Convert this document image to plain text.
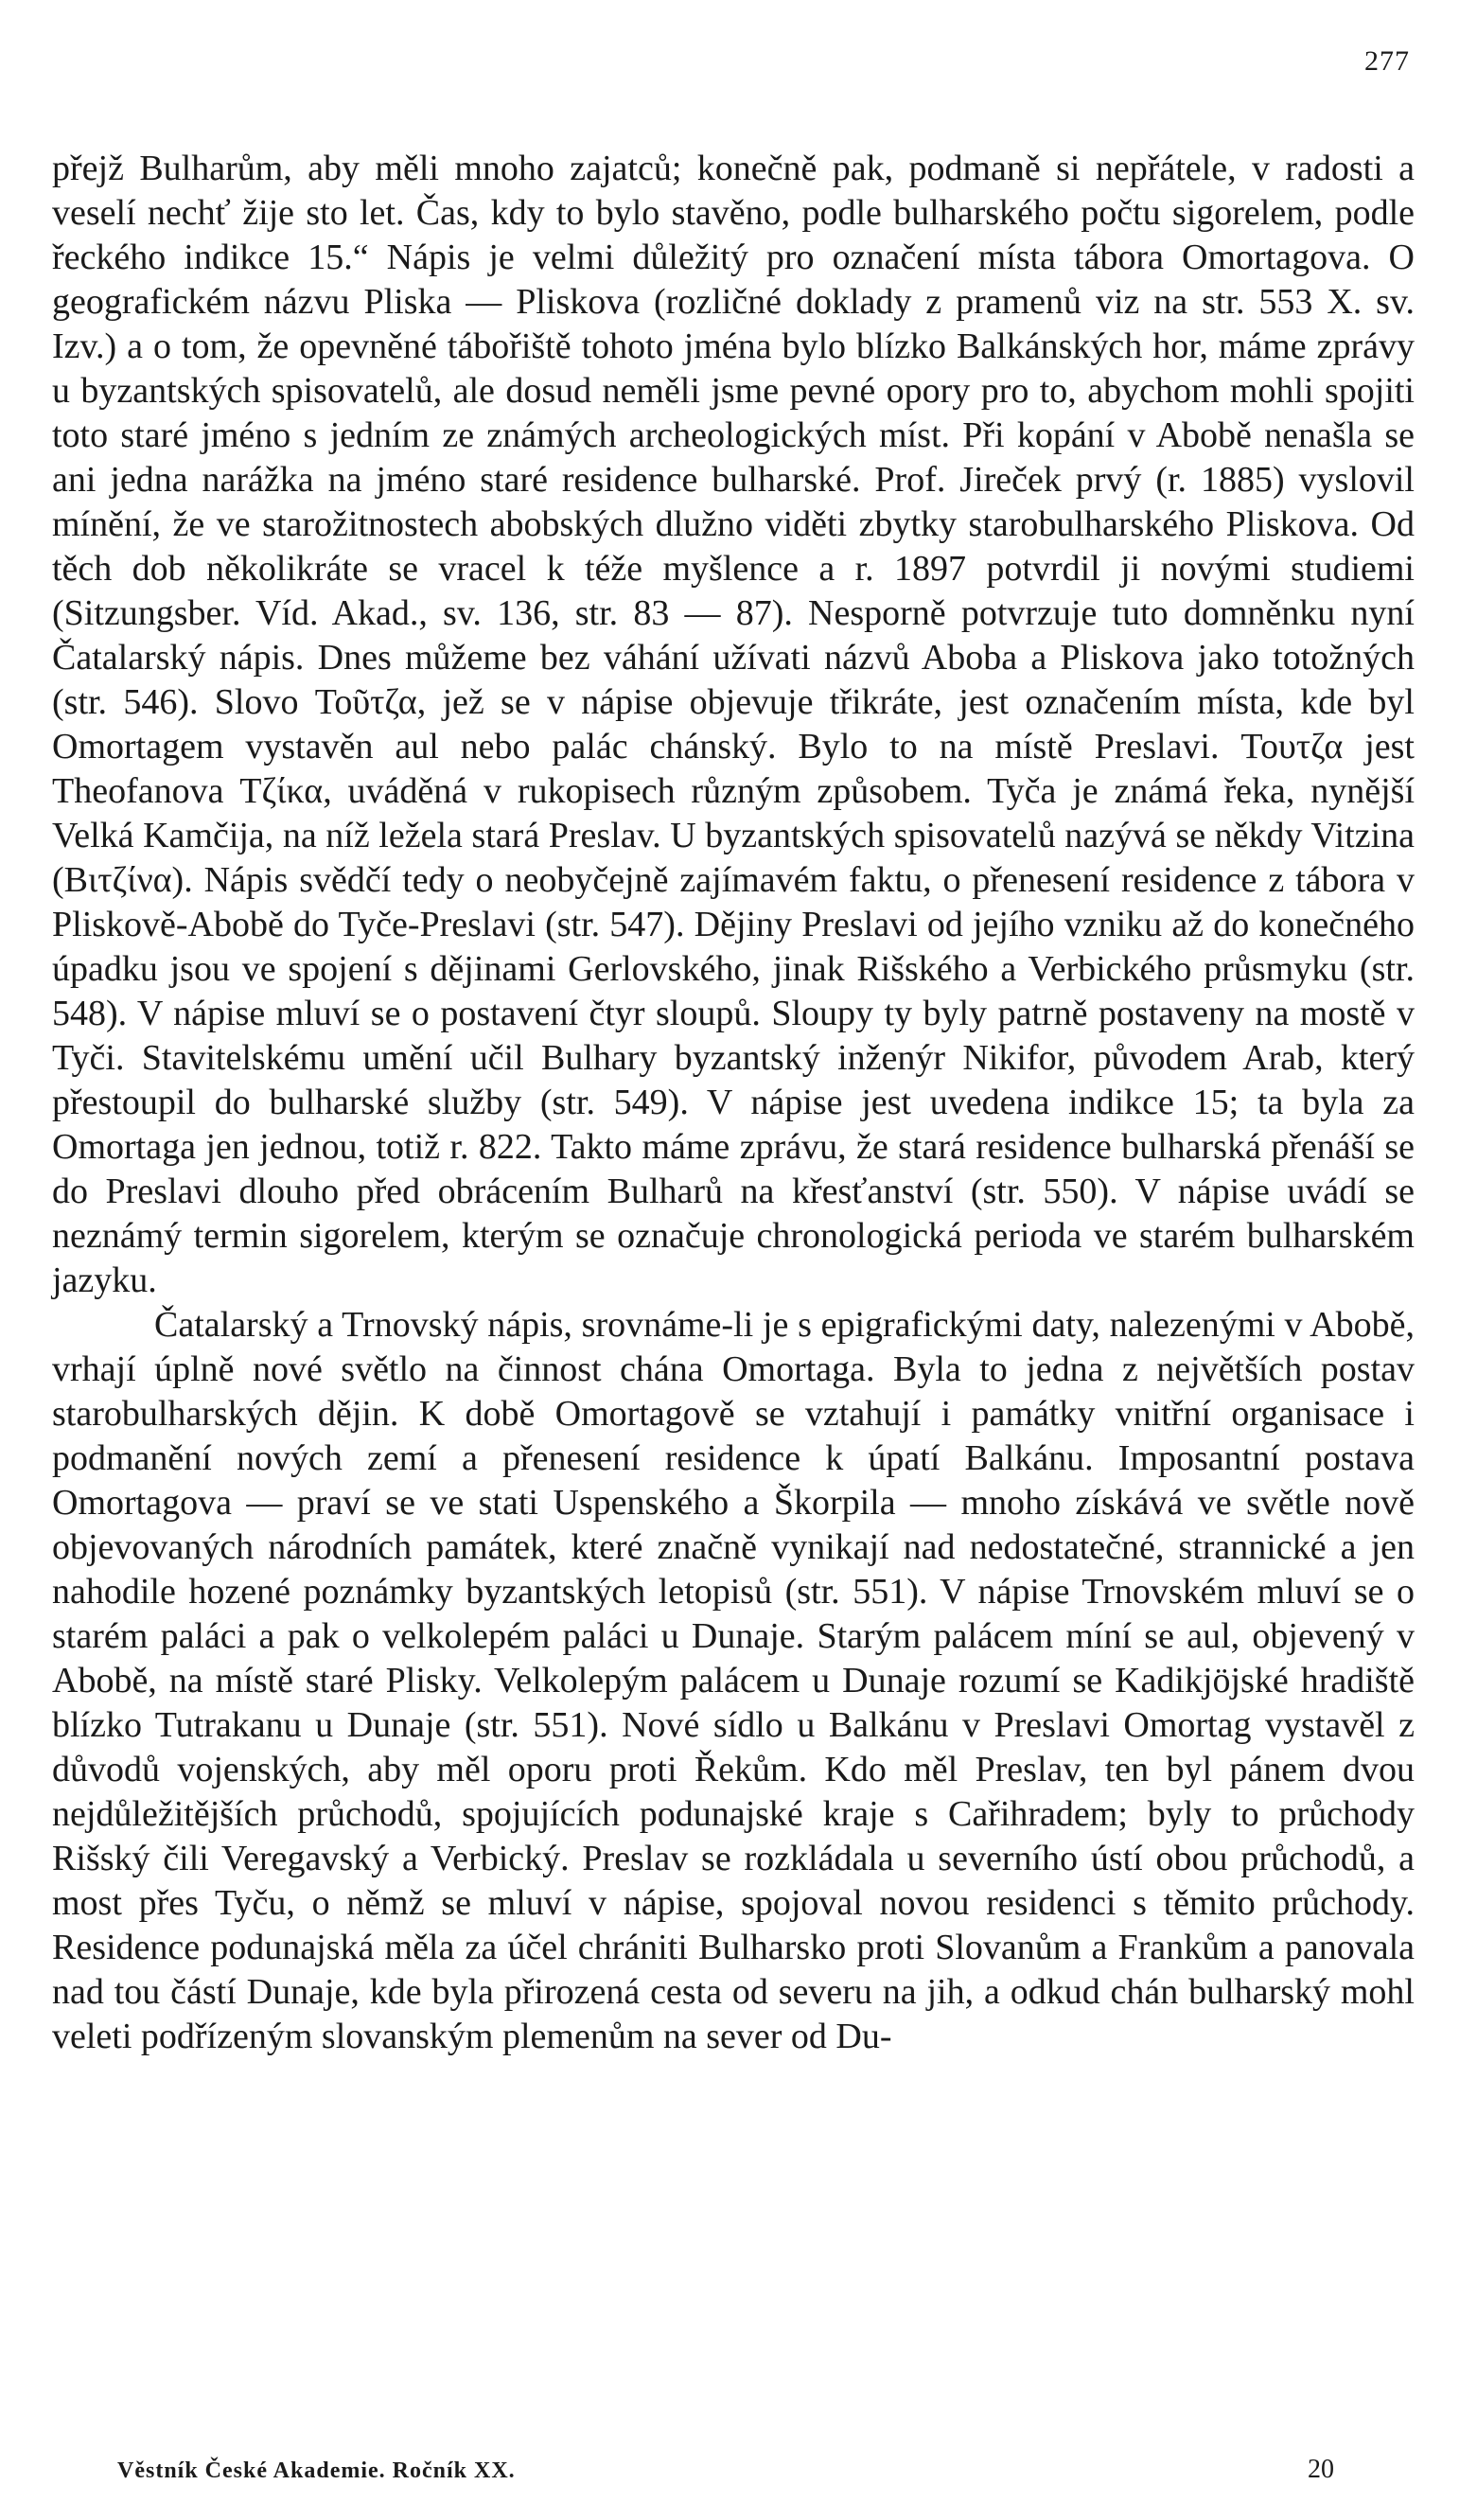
277

přejž Bulharům, aby měli mnoho zajatců; konečně pak, podmaně si nepřátele, v radosti a veselí nechť žije sto let. Čas, kdy to bylo stavěno, podle bulharského počtu sigorelem, podle řeckého indikce 15.“ Nápis je velmi důležitý pro označení místa tábora Omortagova. O geografickém názvu Pliska — Pliskova (rozličné doklady z pramenů viz na str. 553 X. sv. Izv.) a o tom, že opevněné tábořiště tohoto jména bylo blízko Balkánských hor, máme zprávy u byzantských spisovatelů, ale dosud neměli jsme pevné opory pro to, abychom mohli spojiti toto staré jméno s jedním ze známých archeologických míst. Při kopání v Abobě nenašla se ani jedna narážka na jméno staré residence bulharské. Prof. Jireček prvý (r. 1885) vyslovil mínění, že ve starožitnostech abobských dlužno viděti zbytky starobulharského Pliskova. Od těch dob několikráte se vracel k téže myšlence a r. 1897 potvrdil ji novými studiemi (Sitzungsber. Víd. Akad., sv. 136, str. 83 — 87). Nesporně potvrzuje tuto domněnku nyní Čatalarský nápis. Dnes můžeme bez váhání užívati názvů Aboba a Pliskova jako totožných (str. 546). Slovo Τοῦτζα, jež se v nápise objevuje třikráte, jest označením místa, kde byl Omortagem vystavěn aul nebo palác chánský. Bylo to na místě Preslavi. Τουτζα jest Theofanova Τζίκα, uváděná v rukopisech různým způsobem. Tyča je známá řeka, nynější Velká Kamčija, na níž ležela stará Preslav. U byzantských spisovatelů nazývá se někdy Vitzina (Βιτζίνα). Nápis svědčí tedy o neobyčejně zajímavém faktu, o přenesení residence z tábora v Pliskově-Abobě do Tyče-Preslavi (str. 547). Dějiny Preslavi od jejího vzniku až do konečného úpadku jsou ve spojení s dějinami Gerlovského, jinak Rišského a Verbického průsmyku (str. 548). V nápise mluví se o postavení čtyr sloupů. Sloupy ty byly patrně postaveny na mostě v Tyči. Stavitelskému umění učil Bulhary byzantský inženýr Nikifor, původem Arab, který přestoupil do bulharské služby (str. 549). V nápise jest uvedena indikce 15; ta byla za Omortaga jen jednou, totiž r. 822. Takto máme zprávu, že stará residence bulharská přenáší se do Preslavi dlouho před obrácením Bulharů na křesťanství (str. 550). V nápise uvádí se neznámý termin sigorelem, kterým se označuje chronologická perioda ve starém bulharském jazyku.

Čatalarský a Trnovský nápis, srovnáme-li je s epigrafickými daty, nalezenými v Abobě, vrhají úplně nové světlo na činnost chána Omortaga. Byla to jedna z největších postav starobulharských dějin. K době Omortagově se vztahují i památky vnitřní organisace i podmanění nových zemí a přenesení residence k úpatí Balkánu. Imposantní postava Omortagova — praví se ve stati Uspenského a Škorpila — mnoho získává ve světle nově objevovaných národních památek, které značně vynikají nad nedostatečné, strannické a jen nahodile hozené poznámky byzantských letopisů (str. 551). V nápise Trnovském mluví se o starém paláci a pak o velkolepém paláci u Dunaje. Starým palácem míní se aul, objevený v Abobě, na místě staré Plisky. Velkolepým palácem u Dunaje rozumí se Kadikjöjské hradiště blízko Tutrakanu u Dunaje (str. 551). Nové sídlo u Balkánu v Preslavi Omortag vystavěl z důvodů vojenských, aby měl oporu proti Řekům. Kdo měl Preslav, ten byl pánem dvou nejdůležitějších průchodů, spojujících podunajské kraje s Cařihradem; byly to průchody Rišský čili Veregavský a Verbický. Preslav se rozkládala u severního ústí obou průchodů, a most přes Tyču, o němž se mluví v nápise, spojoval novou residenci s těmito průchody. Residence podunajská měla za účel chrániti Bulharsko proti Slovanům a Frankům a panovala nad tou částí Dunaje, kde byla přirozená cesta od severu na jih, a odkud chán bulharský mohl veleti podřízeným slovanským plemenům na sever od Du-

Věstník České Akademie. Ročník XX.	20
